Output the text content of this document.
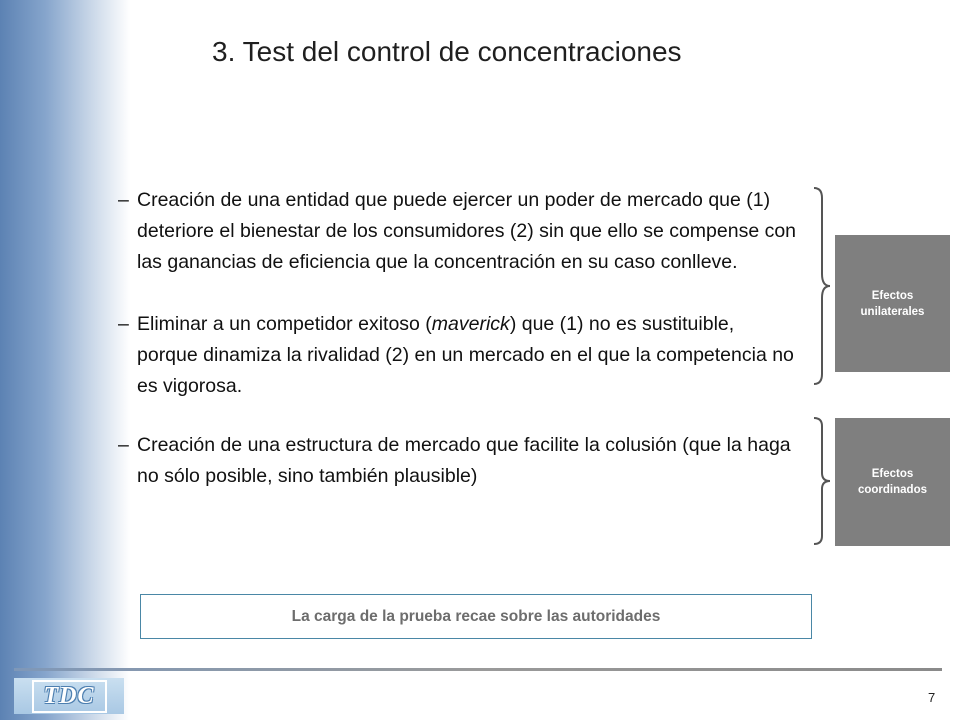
3. Test del control de concentraciones
– Creación de una entidad que puede ejercer un poder de mercado que (1) deteriore el bienestar de los consumidores (2) sin que ello se compense con las ganancias de eficiencia que la concentración en su caso conlleve.
– Eliminar a un competidor exitoso (maverick) que (1) no es sustituible, porque dinamiza la rivalidad (2) en un mercado en el que la competencia no es vigorosa.
– Creación de una estructura de mercado que facilite la colusión (que la haga no sólo posible, sino también plausible)
Efectos unilaterales
Efectos coordinados
La carga de la prueba recae sobre las autoridades
TDC	7
